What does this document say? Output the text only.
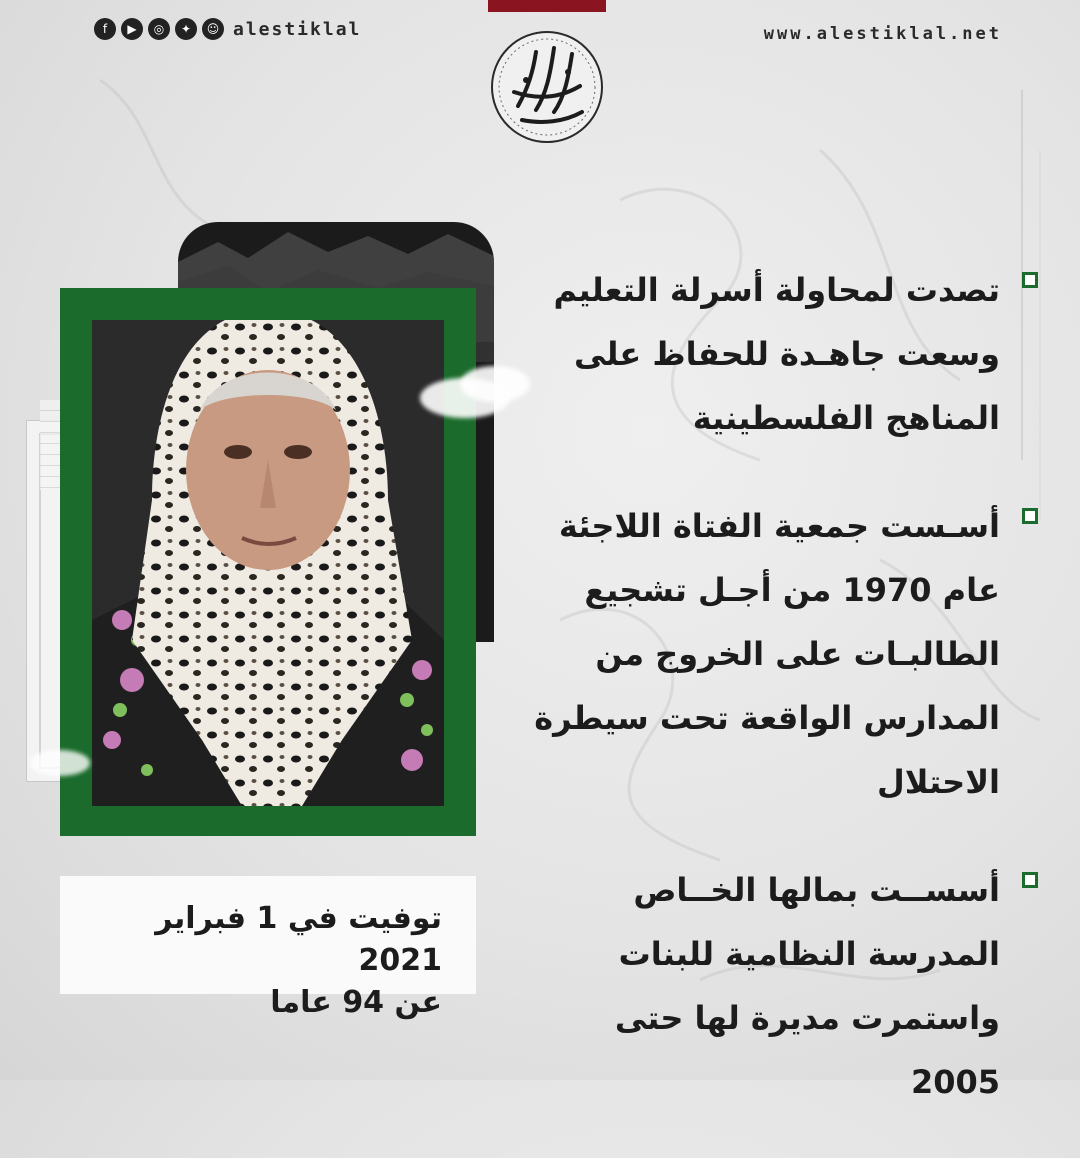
f	▶	◎	✦	☺ alestiklal	www.alestiklal.net
تصدت لمحاولة أسرلة التعليم وسعت جاهـدة للحفاظ على المناهج الفلسطينية
أسـست جمعية الفتاة اللاجئة عام 1970 من أجـل تشجيع الطالبـات على الخروج من المدارس الواقعة تحت سيطرة الاحتلال
أسســت بمالها الخــاص المدرسة النظامية للبنات واستمرت مديرة لها حتى 2005
توفيت في 1 فبراير 2021
عن 94 عاما
